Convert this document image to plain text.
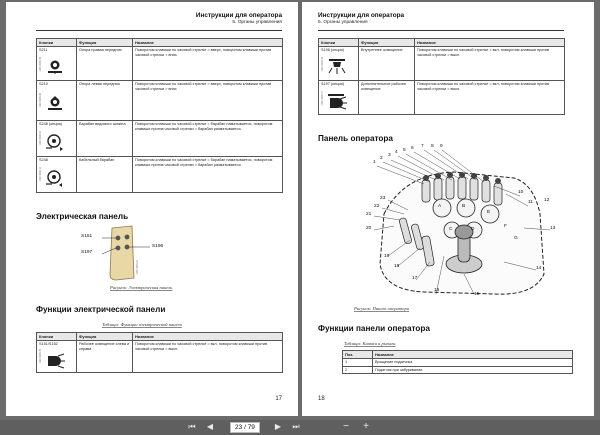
Инструкции для оператора
5. Органы управления
Кнопки	Функция	Название
S211
1292 0005 05	Опора правая передняя	Поворотом клавиши по часовой стрелке = вверх, поворотом клавиши против часовой стрелки = вниз.
S210
1292 0005 06	Опора левая передняя	Поворотом клавиши по часовой стрелке = вверх, поворотом клавиши против часовой стрелки = вниз
S248 (опция)
1292 0006 04	Барабан ведомого шланга	Поворотом клавиши по часовой стрелке = барабан наматывается, поворотом клавиши против часовой стрелки = барабан разматывается.
S248
1292 0006 12	Кабельный барабан	Поворотом клавиши по часовой стрелке = барабан наматывается, поворотом клавиши против часовой стрелки = барабан разматывается.
Электрическая панель
S151
S197
S196
1292 0025 01
Рисунок: Электрическая панель
Функции электрической панели
Таблица: Функции электрической панели
Кнопки	Функция	Название
S151/S152
1292 0005 75	Рабочее освещение слева и справа	Поворотом клавиши по часовой стрелке = вкл, поворотом клавиши против часовой стрелки = выкл.
17
Инструкции для оператора
5. Органы управления
Кнопки	Функция	Название
S196 (опция)
1292 0005 76	Внутреннее освещение	Поворотом клавиши по часовой стрелке = вкл, поворотом клавиши против часовой стрелки = выкл.
S197 (опция)
1292 0005 77	Дополнительное рабочее освещение	Поворотом клавиши по часовой стрелке = вкл, поворотом клавиши против часовой стрелки = выкл.
Панель оператора
1
2
3
4 5 6 7 8 9
10
11 12
13
14
15
16
17
18
19
20
21
22
23
A	B
C	D
E
F
G
Рисунок: Панель оператора
Функции панели оператора
Таблица: Кнопки и рычаги
Поз.	Название
1	Вращение податчика
2	Податчик при забуривании
18
⏮	◀
23 / 79	▶	⏭	−	+
